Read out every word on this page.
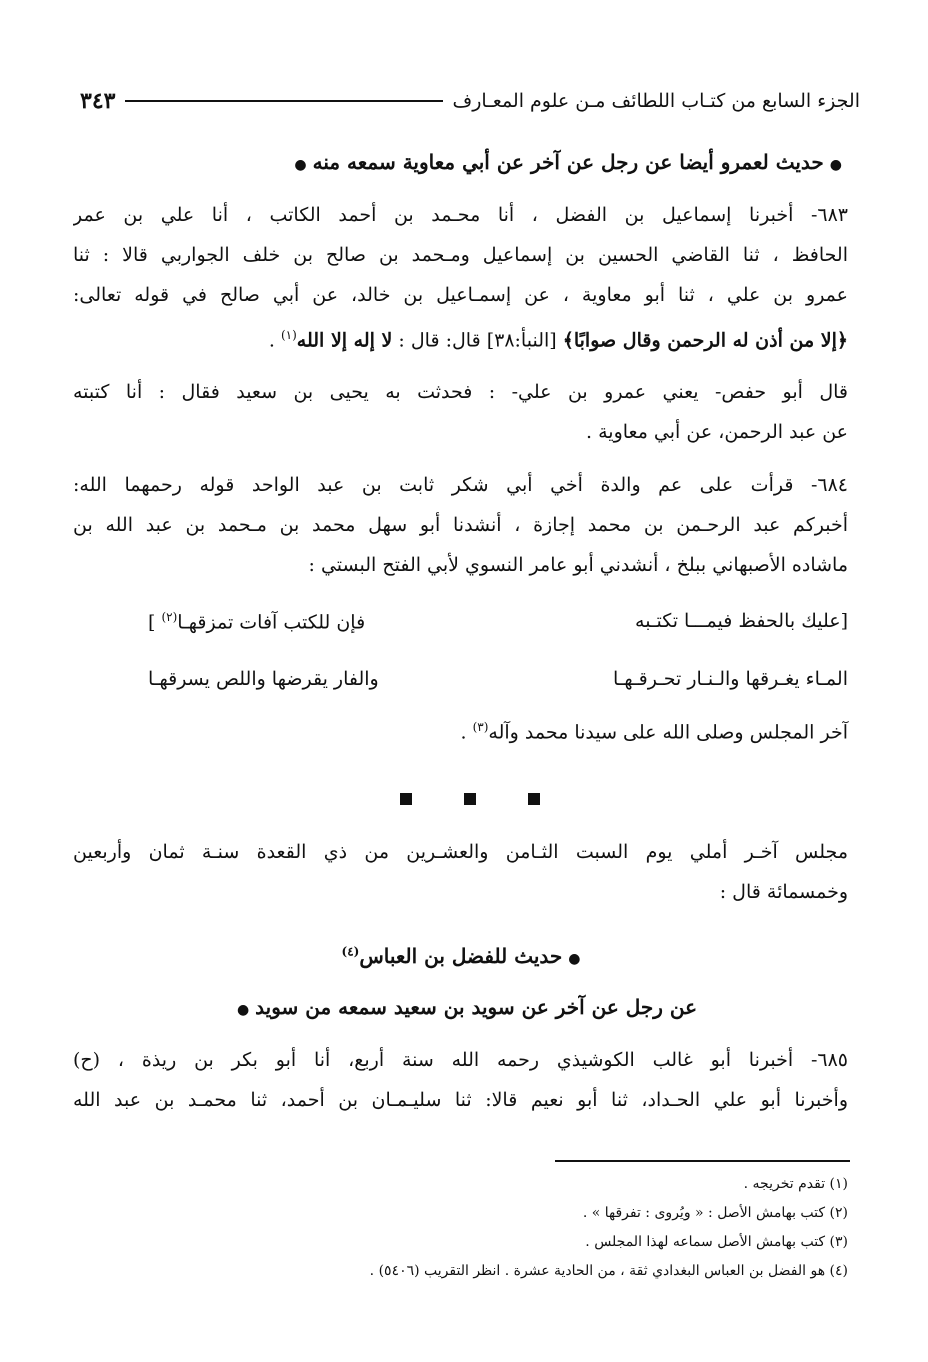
الجزء السابع من كتـاب اللطائف مـن علوم المعـارف
٣٤٣
●حديث لعمرو أيضا عن رجل عن آخر عن أبي معاوية سمعه منه●
٦٨٣- أخبرنا إسماعيل بن الفضل ، أنا محـمد بن أحمد الكاتب ، أنا علي بن عمر
الحافظ ، ثنا القاضي الحسين بن إسماعيل ومـحمد بن صالح بن خلف الجواربي قالا : ثنا
عمرو بن علي ، ثنا أبو معاوية ، عن إسمـاعيل بن خالد، عن أبي صالح في قوله تعالى:
﴿إلا من أذن له الرحمن وقال صوابًا﴾ [النبأ:٣٨] قال: قال : لا إله إلا الله$^{(١)}$ .
قال أبو حفص- يعني عمرو بن علي- : فحدثت به يحيى بن سعيد فقال : أنا كتبته
عن عبد الرحمن، عن أبي معاوية .
٦٨٤- قرأت على عم والدة أخي أبي شكر ثابت بن عبد الواحد قوله رحمهما الله:
أخبركم عبد الرحـمن بن محمد إجازة ، أنشدنا أبو سهل محمد بن مـحمد بن عبد الله بن
ماشاده الأصبهاني ببلخ ، أنشدني أبو عامر النسوي لأبي الفتح البستي :
[عليك بالحفظ فيمـــا تكتـبه
فإن للكتب آفات تمزقهـا$^{(٢)}$ ]
المـاء يغـرقها والـنـار تحـرقـهـا
والفار يقرضها واللص يسرقهـا
آخر المجلس وصلى الله على سيدنا محمد وآله$^{(٣)}$ .
مجلس آخـر أملي يوم السبت الثـامن والعشـرين من ذي القعدة سنـة ثمان وأربعين
وخمسمائة قال :
●حديث للفضل بن العباس$^{(٤)}$
عن رجل عن آخر عن سويد بن سعيد سمعه من سويد●
٦٨٥- أخبرنا أبو غالب الكوشيذي رحمه الله سنة أربع، أنا أبو بكر بن ريذة ، (ح)
وأخبرنا أبو علي الحـداد، ثنا أبو نعيم قالا: ثنا سليـمـان بن أحمد، ثنا محمـد بن عبد الله
(١) تقدم تخريجه .
(٢) كتب بهامش الأصل : « ويُروى : تفرقها » .
(٣) كتب بهامش الأصل سماعه لهذا المجلس .
(٤) هو الفضل بن العباس البغدادي ثقة ، من الحادية عشرة . انظر التقريب (٥٤٠٦) .
